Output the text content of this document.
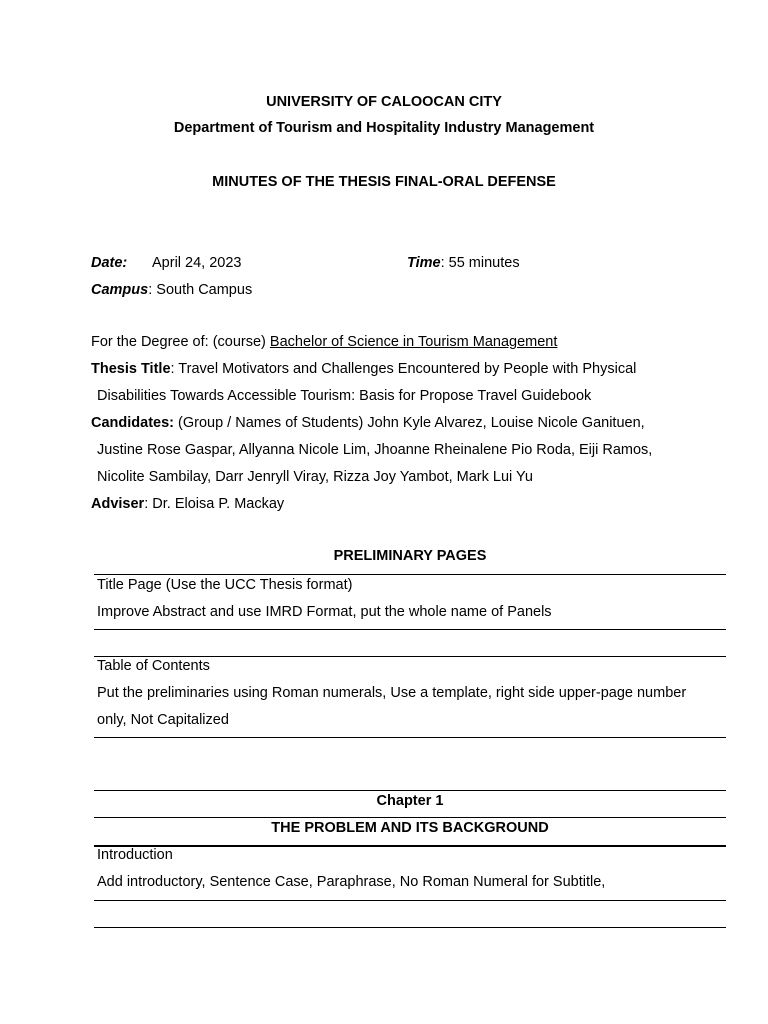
UNIVERSITY OF CALOOCAN CITY
Department of Tourism and Hospitality Industry Management
MINUTES OF THE THESIS FINAL-ORAL DEFENSE
Date: April 24, 2023	Time: 55 minutes
Campus: South Campus
For the Degree of: (course) Bachelor of Science in Tourism Management
Thesis Title: Travel Motivators and Challenges Encountered by People with Physical
Disabilities Towards Accessible Tourism: Basis for Propose Travel Guidebook
Candidates: (Group / Names of Students) John Kyle Alvarez, Louise Nicole Ganituen,
Justine Rose Gaspar, Allyanna Nicole Lim, Jhoanne Rheinalene Pio Roda, Eiji Ramos,
Nicolite Sambilay, Darr Jenryll Viray, Rizza Joy Yambot, Mark Lui Yu
Adviser: Dr. Eloisa P. Mackay
PRELIMINARY PAGES
Title Page (Use the UCC Thesis format)
Improve Abstract and use IMRD Format, put the whole name of Panels
Table of Contents
Put the preliminaries using Roman numerals, Use a template, right side upper-page number
only, Not Capitalized
Chapter 1
THE PROBLEM AND ITS BACKGROUND
Introduction
Add introductory, Sentence Case, Paraphrase, No Roman Numeral for Subtitle,
